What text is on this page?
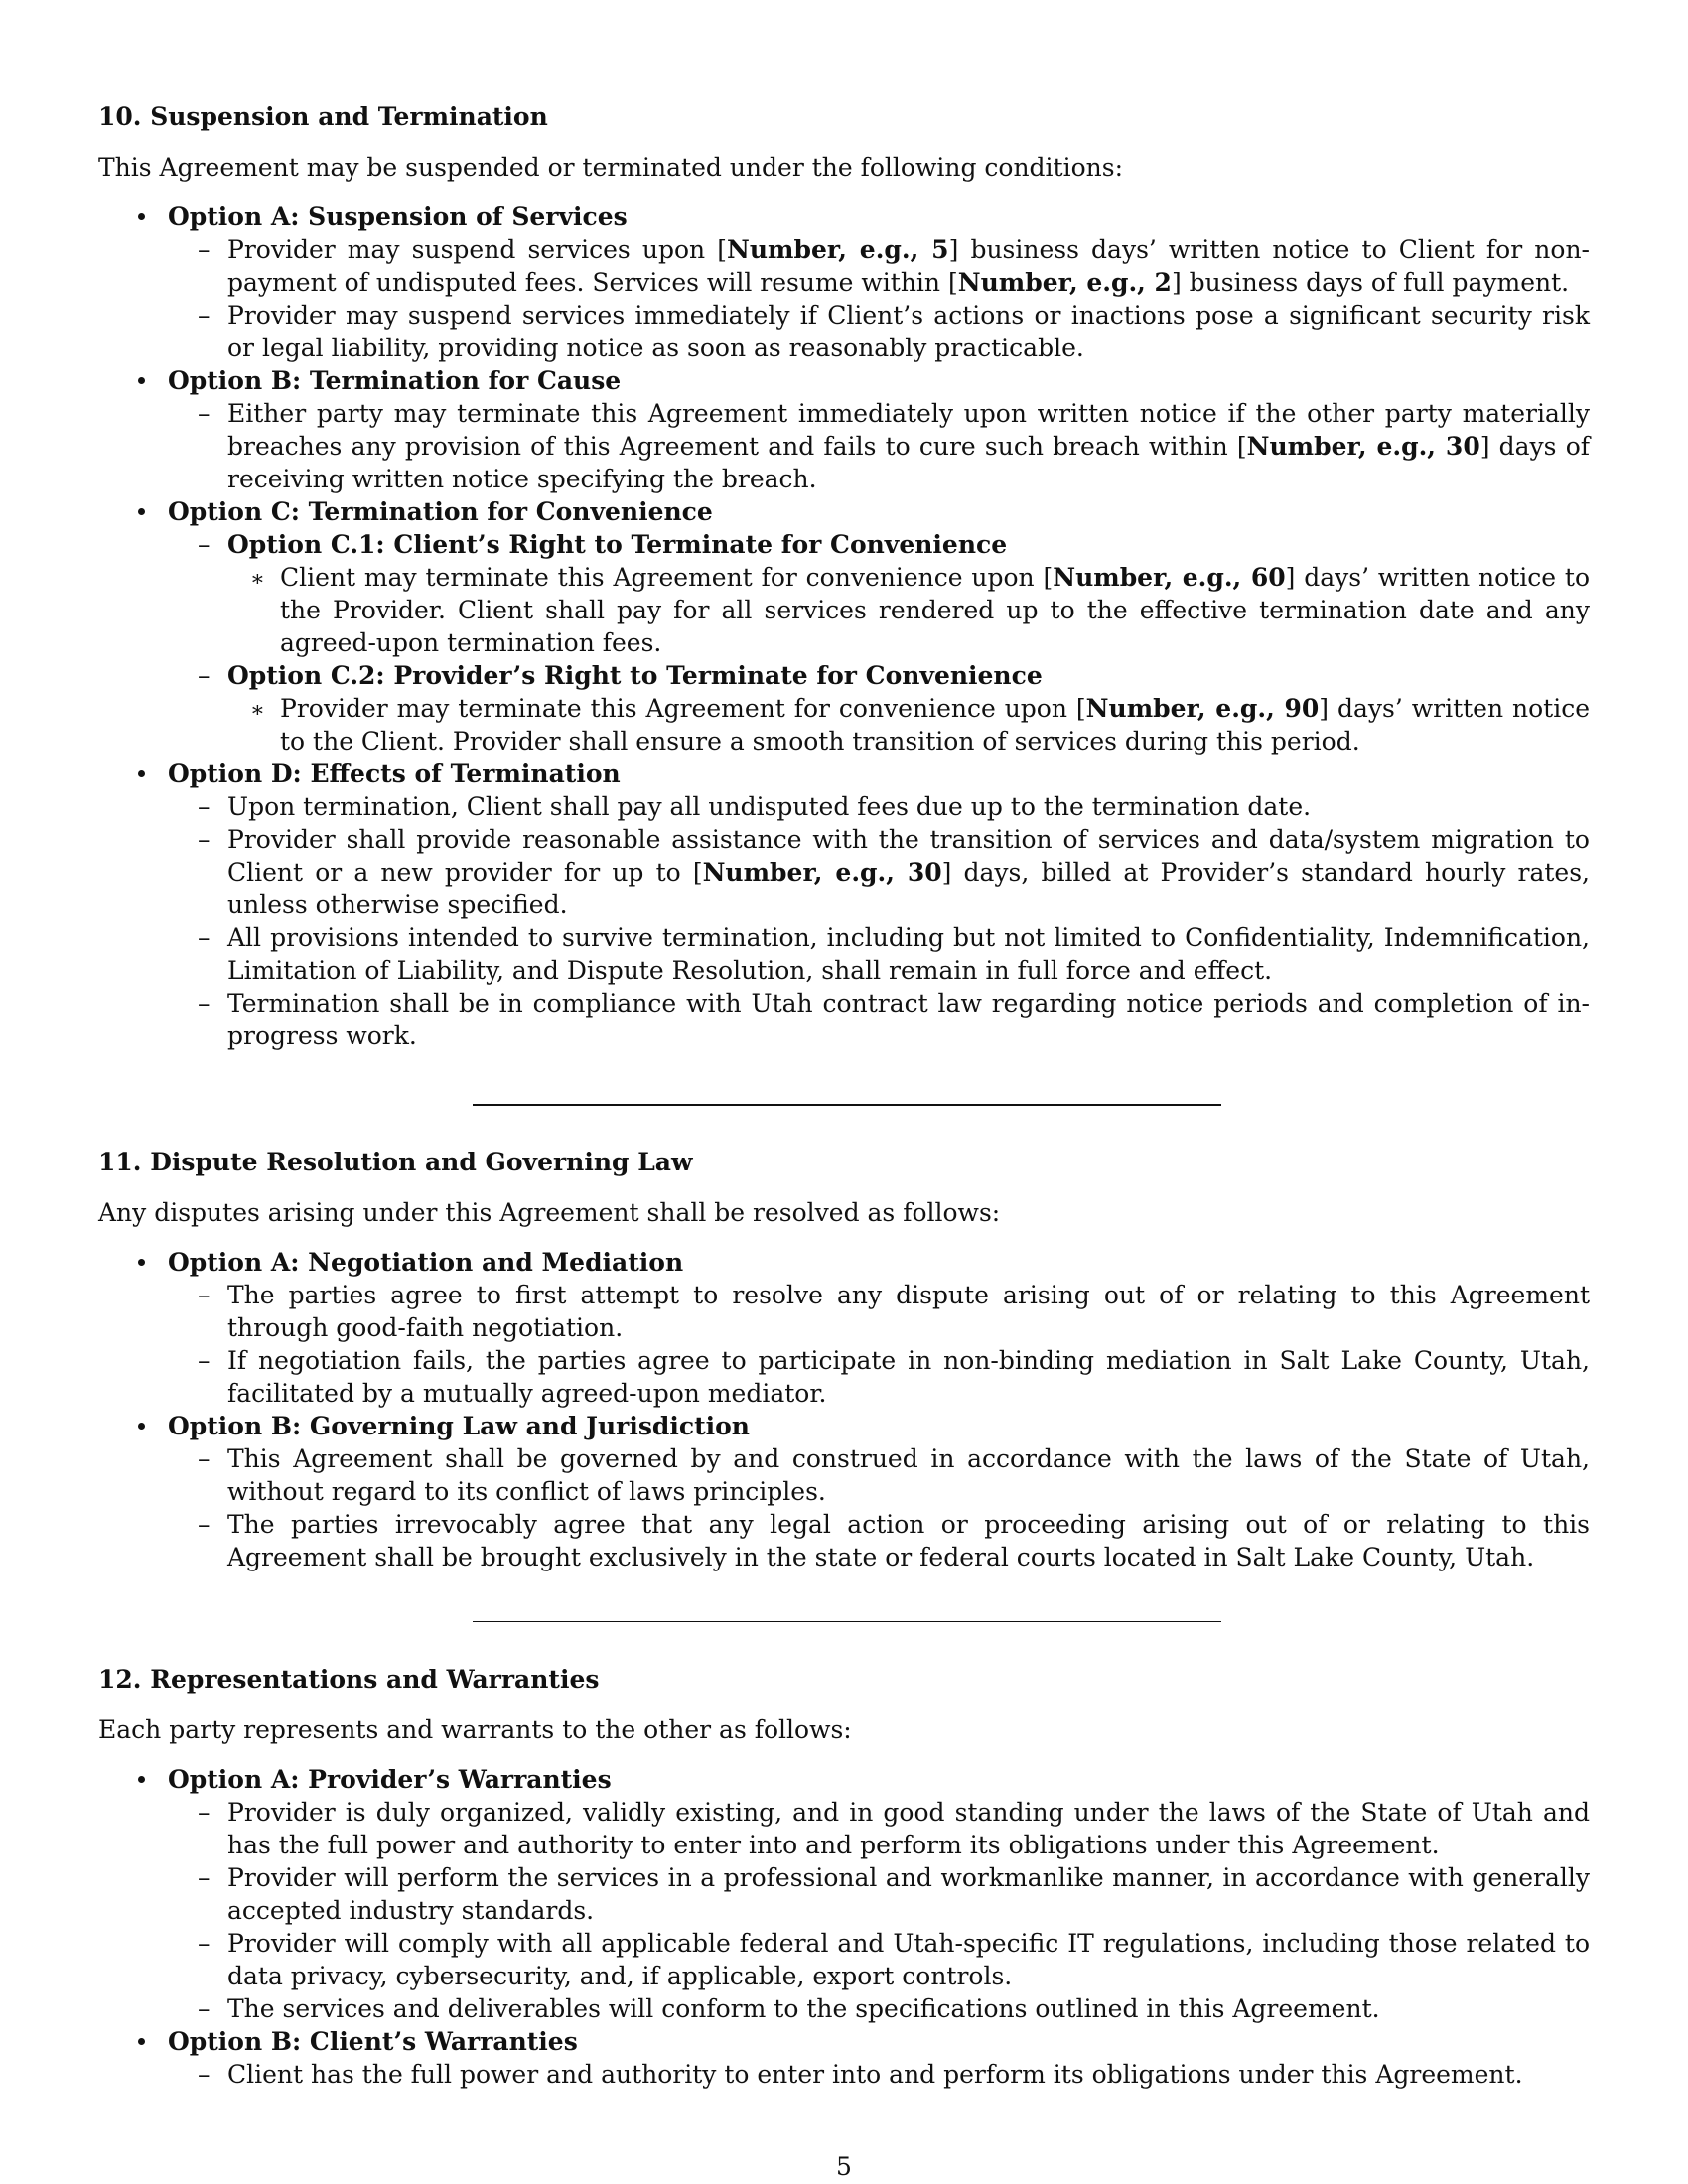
10. Suspension and Termination

This Agreement may be suspended or terminated under the following conditions:

Option A: Suspension of Services
– Provider may suspend services upon [Number, e.g., 5] business days’ written notice to Client for non-payment of undisputed fees. Services will resume within [Number, e.g., 2] business days of full payment.
– Provider may suspend services immediately if Client’s actions or inactions pose a significant security risk or legal liability, providing notice as soon as reasonably practicable.
Option B: Termination for Cause
– Either party may terminate this Agreement immediately upon written notice if the other party materially breaches any provision of this Agreement and fails to cure such breach within [Number, e.g., 30] days of receiving written notice specifying the breach.
Option C: Termination for Convenience
– Option C.1: Client’s Right to Terminate for Convenience
∗ Client may terminate this Agreement for convenience upon [Number, e.g., 60] days’ written notice to the Provider. Client shall pay for all services rendered up to the effective termination date and any agreed-upon termination fees.
– Option C.2: Provider’s Right to Terminate for Convenience
∗ Provider may terminate this Agreement for convenience upon [Number, e.g., 90] days’ written notice to the Client. Provider shall ensure a smooth transition of services during this period.
Option D: Effects of Termination
– Upon termination, Client shall pay all undisputed fees due up to the termination date.
– Provider shall provide reasonable assistance with the transition of services and data/system migration to Client or a new provider for up to [Number, e.g., 30] days, billed at Provider’s standard hourly rates, unless otherwise specified.
– All provisions intended to survive termination, including but not limited to Confidentiality, Indemnification, Limitation of Liability, and Dispute Resolution, shall remain in full force and effect.
– Termination shall be in compliance with Utah contract law regarding notice periods and completion of in-progress work.
11. Dispute Resolution and Governing Law

Any disputes arising under this Agreement shall be resolved as follows:

Option A: Negotiation and Mediation
– The parties agree to first attempt to resolve any dispute arising out of or relating to this Agreement through good-faith negotiation.
– If negotiation fails, the parties agree to participate in non-binding mediation in Salt Lake County, Utah, facilitated by a mutually agreed-upon mediator.
Option B: Governing Law and Jurisdiction
– This Agreement shall be governed by and construed in accordance with the laws of the State of Utah, without regard to its conflict of laws principles.
– The parties irrevocably agree that any legal action or proceeding arising out of or relating to this Agreement shall be brought exclusively in the state or federal courts located in Salt Lake County, Utah.
12. Representations and Warranties

Each party represents and warrants to the other as follows:

Option A: Provider’s Warranties
– Provider is duly organized, validly existing, and in good standing under the laws of the State of Utah and has the full power and authority to enter into and perform its obligations under this Agreement.
– Provider will perform the services in a professional and workmanlike manner, in accordance with generally accepted industry standards.
– Provider will comply with all applicable federal and Utah-specific IT regulations, including those related to data privacy, cybersecurity, and, if applicable, export controls.
– The services and deliverables will conform to the specifications outlined in this Agreement.
Option B: Client’s Warranties
– Client has the full power and authority to enter into and perform its obligations under this Agreement.
5
